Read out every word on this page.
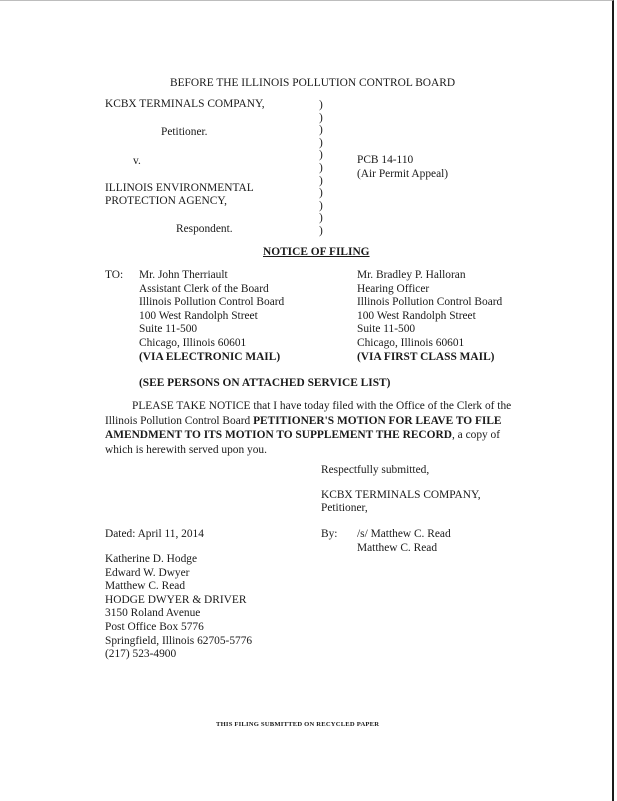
BEFORE THE ILLINOIS POLLUTION CONTROL BOARD
KCBX TERMINALS COMPANY,
Petitioner.
v.
ILLINOIS ENVIRONMENTAL
PROTECTION AGENCY,
Respondent.
)
)
)
)
)
)
)
)
)
)
)
PCB 14-110
(Air Permit Appeal)
NOTICE OF FILING
TO: Mr. John Therriault
Assistant Clerk of the Board
Illinois Pollution Control Board
100 West Randolph Street
Suite 11-500
Chicago, Illinois 60601
(VIA ELECTRONIC MAIL)
Mr. Bradley P. Halloran
Hearing Officer
Illinois Pollution Control Board
100 West Randolph Street
Suite 11-500
Chicago, Illinois 60601
(VIA FIRST CLASS MAIL)
(SEE PERSONS ON ATTACHED SERVICE LIST)
PLEASE TAKE NOTICE that I have today filed with the Office of the Clerk of the Illinois Pollution Control Board PETITIONER'S MOTION FOR LEAVE TO FILE AMENDMENT TO ITS MOTION TO SUPPLEMENT THE RECORD, a copy of which is herewith served upon you.
Respectfully submitted,
KCBX TERMINALS COMPANY,
Petitioner,
Dated: April 11, 2014	By: /s/ Matthew C. Read
Matthew C. Read
Katherine D. Hodge
Edward W. Dwyer
Matthew C. Read
HODGE DWYER & DRIVER
3150 Roland Avenue
Post Office Box 5776
Springfield, Illinois 62705-5776
(217) 523-4900
THIS FILING SUBMITTED ON RECYCLED PAPER
